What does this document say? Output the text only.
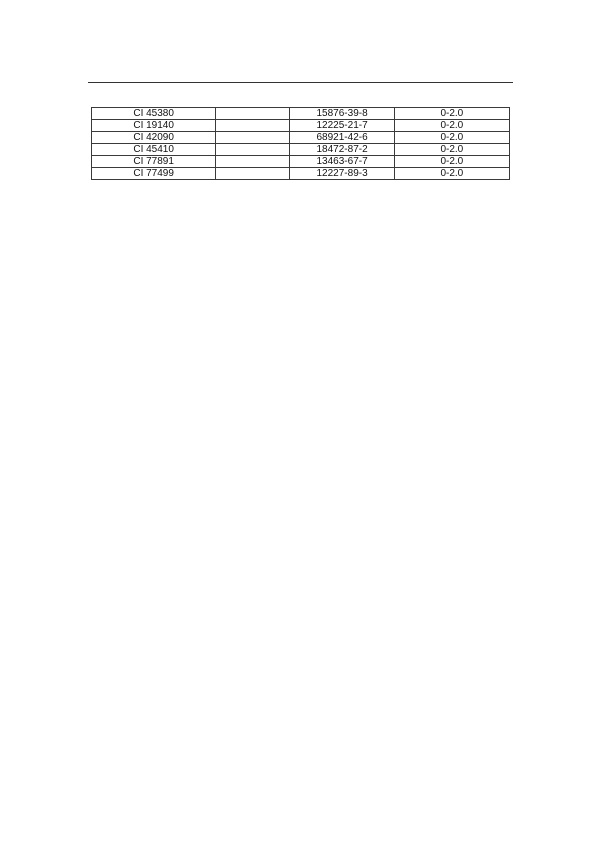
CI 45380		15876-39-8	0-2.0
CI 19140		12225-21-7	0-2.0
CI 42090		68921-42-6	0-2.0
CI 45410		18472-87-2	0-2.0
CI 77891		13463-67-7	0-2.0
CI 77499		12227-89-3	0-2.0
